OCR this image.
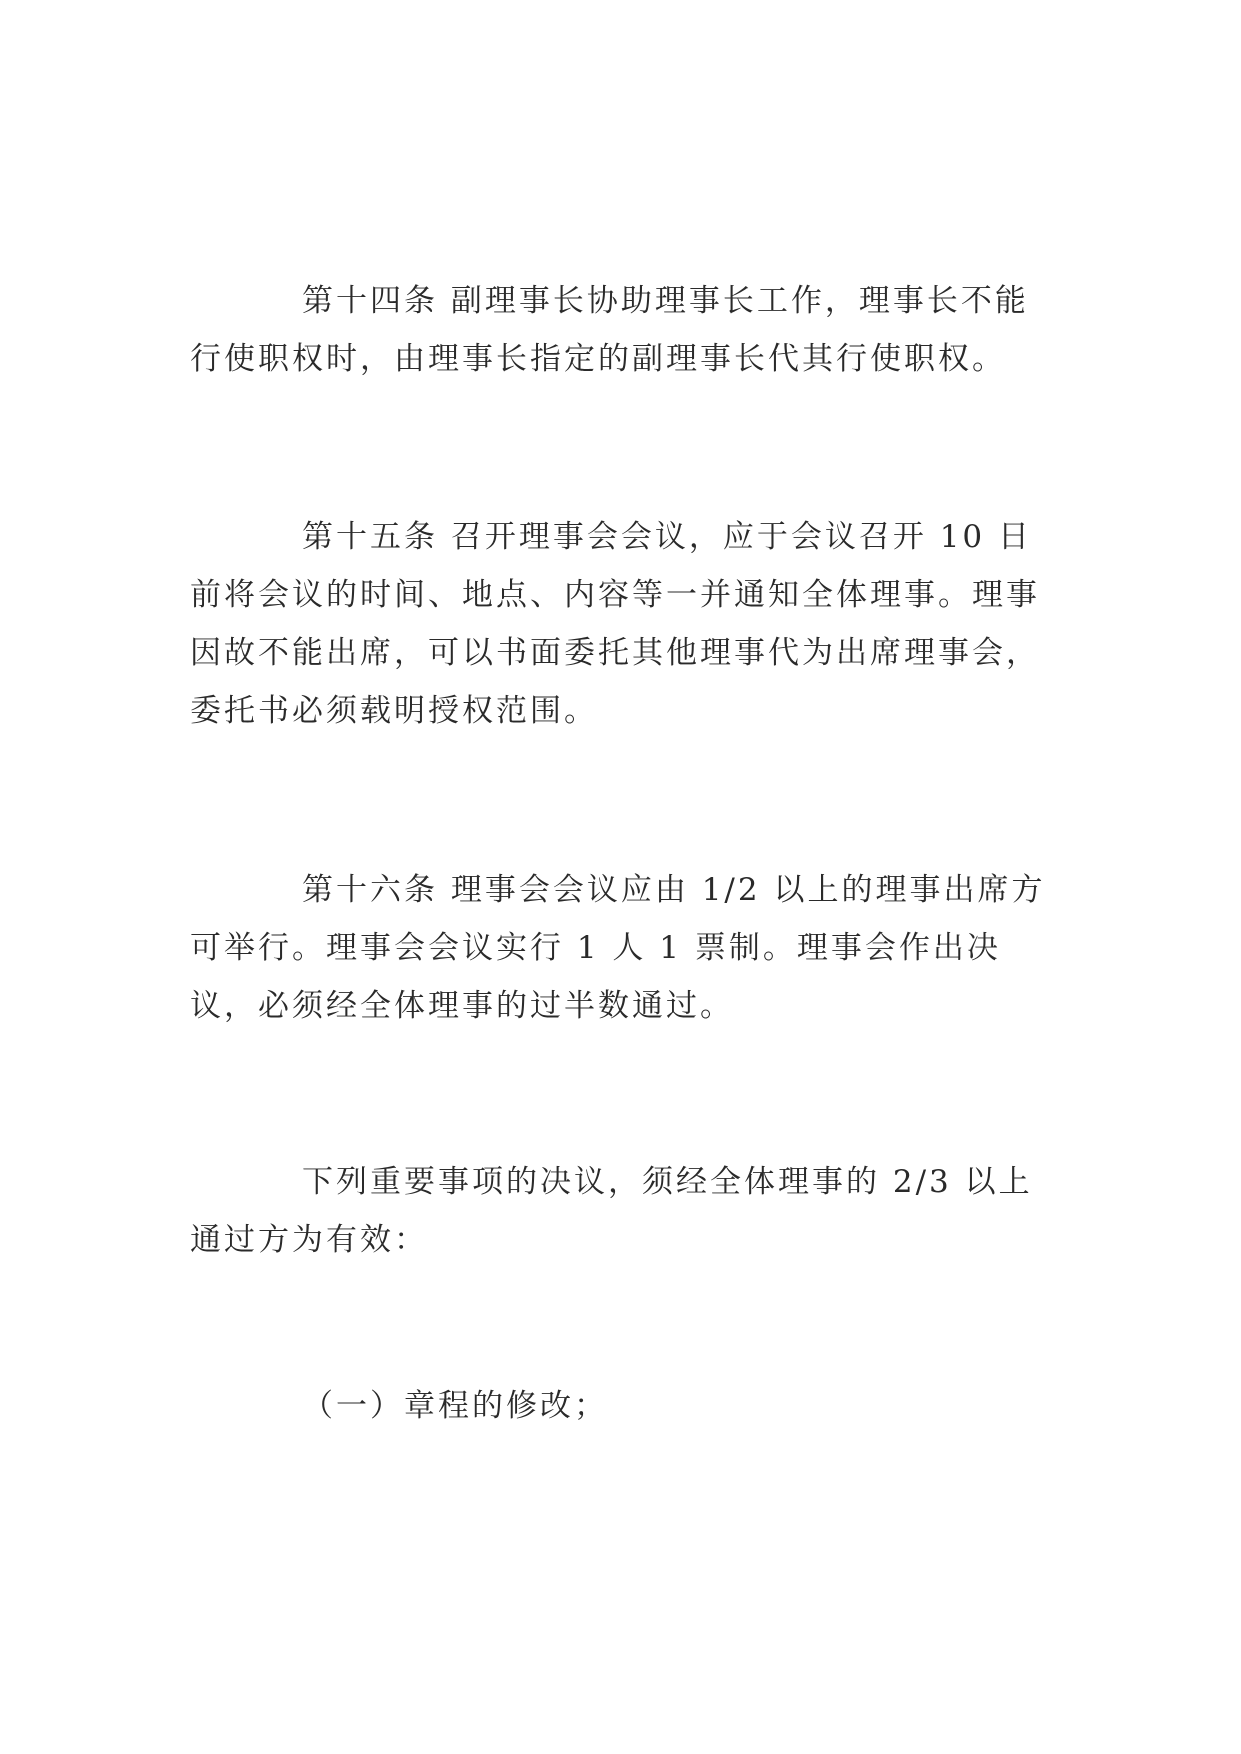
第十四条 副理事长协助理事长工作，理事长不能行使职权时，由理事长指定的副理事长代其行使职权。

第十五条 召开理事会会议，应于会议召开 10 日前将会议的时间、地点、内容等一并通知全体理事。理事因故不能出席，可以书面委托其他理事代为出席理事会，委托书必须载明授权范围。

第十六条 理事会会议应由 1/2 以上的理事出席方可举行。理事会会议实行 1 人 1 票制。理事会作出决议，必须经全体理事的过半数通过。

下列重要事项的决议，须经全体理事的 2/3 以上通过方为有效：

（一）章程的修改；
